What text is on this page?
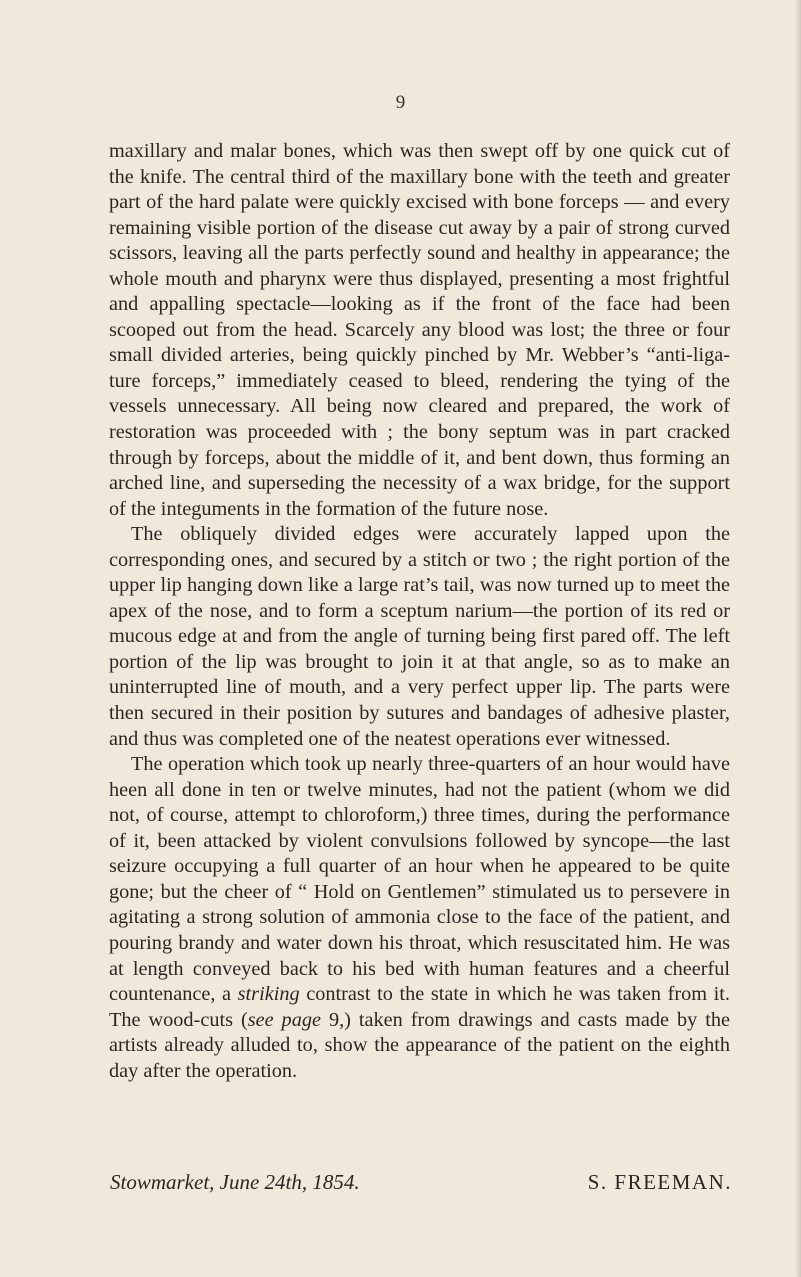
9

maxillary and malar bones, which was then swept off by one quick cut of the knife. The central third of the maxillary bone with the teeth and greater part of the hard palate were quickly excised with bone forceps — and every remaining visible portion of the disease cut away by a pair of strong curved scissors, leaving all the parts perfectly sound and healthy in appearance; the whole mouth and pharynx were thus displayed, presenting a most frightful and appalling spectacle—looking as if the front of the face had been scooped out from the head. Scarcely any blood was lost; the three or four small divided arteries, being quickly pinched by Mr. Webber’s “anti-liga-ture forceps,” immediately ceased to bleed, rendering the tying of the vessels unnecessary. All being now cleared and prepared, the work of restoration was proceeded with ; the bony septum was in part cracked through by forceps, about the middle of it, and bent down, thus forming an arched line, and superseding the necessity of a wax bridge, for the support of the integuments in the formation of the future nose.

The obliquely divided edges were accurately lapped upon the corresponding ones, and secured by a stitch or two ; the right portion of the upper lip hanging down like a large rat’s tail, was now turned up to meet the apex of the nose, and to form a sceptum narium—the portion of its red or mucous edge at and from the angle of turning being first pared off. The left portion of the lip was brought to join it at that angle, so as to make an uninterrupted line of mouth, and a very perfect upper lip. The parts were then secured in their position by sutures and bandages of adhesive plaster, and thus was completed one of the neatest operations ever witnessed.

The operation which took up nearly three-quarters of an hour would have heen all done in ten or twelve minutes, had not the patient (whom we did not, of course, attempt to chloroform,) three times, during the performance of it, been attacked by violent convulsions followed by syncope—the last seizure occupying a full quarter of an hour when he appeared to be quite gone; but the cheer of “ Hold on Gentlemen” stimulated us to persevere in agitating a strong solution of ammonia close to the face of the patient, and pouring brandy and water down his throat, which resuscitated him. He was at length conveyed back to his bed with human features and a cheerful countenance, a striking contrast to the state in which he was taken from it. The wood-cuts (see page 9,) taken from drawings and casts made by the artists already alluded to, show the appearance of the patient on the eighth day after the operation.

Stowmarket, June 24th, 1854.	S. FREEMAN.
